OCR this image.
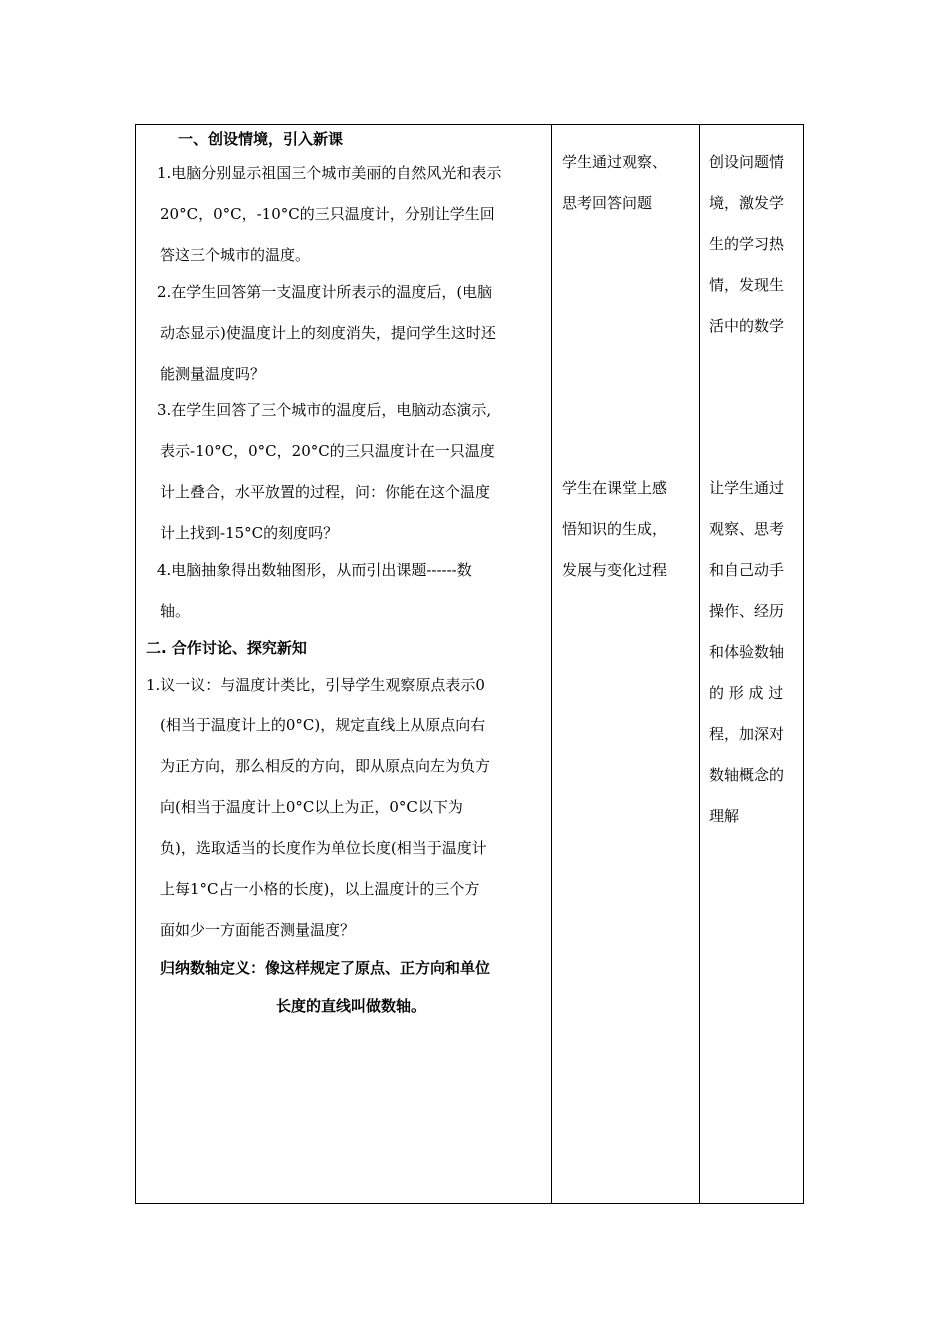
一、创设情境，引入新课
1.电脑分别显示祖国三个城市美丽的自然风光和表示
20°C，0°C，-10°C的三只温度计，分别让学生回
答这三个城市的温度。
2.在学生回答第一支温度计所表示的温度后，(电脑
动态显示)使温度计上的刻度消失，提问学生这时还
能测量温度吗？
3.在学生回答了三个城市的温度后，电脑动态演示,
表示-10°C，0°C，20°C的三只温度计在一只温度
计上叠合，水平放置的过程，问：你能在这个温度
计上找到-15°C的刻度吗？
4.电脑抽象得出数轴图形，从而引出课题------数
轴。
二. 合作讨论、探究新知
1.议一议：与温度计类比，引导学生观察原点表示0
(相当于温度计上的0°C)，规定直线上从原点向右
为正方向，那么相反的方向，即从原点向左为负方
向(相当于温度计上0°C以上为正，0°C以下为
负)，选取适当的长度作为单位长度(相当于温度计
上每1°C占一小格的长度)，以上温度计的三个方
面如少一方面能否测量温度？
归纳数轴定义：像这样规定了原点、正方向和单位
长度的直线叫做数轴。
学生通过观察、
思考回答问题
学生在课堂上感
悟知识的生成，
发展与变化过程
创设问题情
境，激发学
生的学习热
情，发现生
活中的数学
让学生通过
观察、思考
和自己动手
操作、经历
和体验数轴
的 形 成 过
程，加深对
数轴概念的
理解
